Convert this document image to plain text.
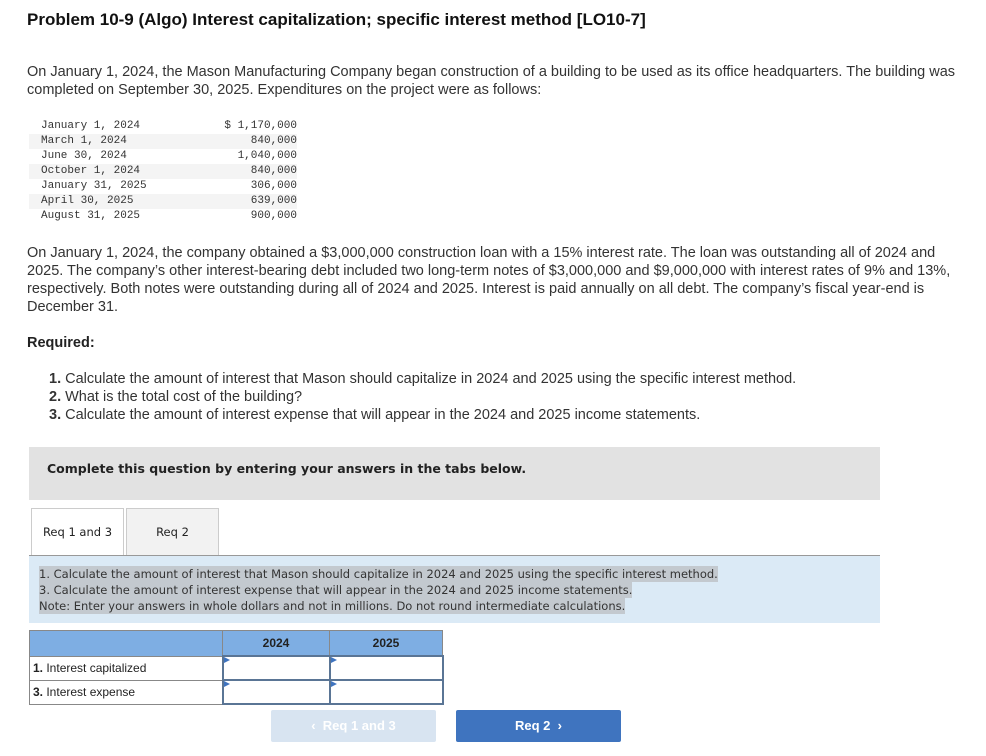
Problem 10-9 (Algo) Interest capitalization; specific interest method [LO10-7]
On January 1, 2024, the Mason Manufacturing Company began construction of a building to be used as its office headquarters. The building was completed on September 30, 2025. Expenditures on the project were as follows:
January 1, 2024	$ 1,170,000
March 1, 2024	840,000
June 30, 2024	1,040,000
October 1, 2024	840,000
January 31, 2025	306,000
April 30, 2025	639,000
August 31, 2025	900,000
On January 1, 2024, the company obtained a $3,000,000 construction loan with a 15% interest rate. The loan was outstanding all of 2024 and 2025. The company’s other interest-bearing debt included two long-term notes of $3,000,000 and $9,000,000 with interest rates of 9% and 13%, respectively. Both notes were outstanding during all of 2024 and 2025. Interest is paid annually on all debt. The company’s fiscal year-end is December 31.
Required:
1. Calculate the amount of interest that Mason should capitalize in 2024 and 2025 using the specific interest method.
2. What is the total cost of the building?
3. Calculate the amount of interest expense that will appear in the 2024 and 2025 income statements.
Complete this question by entering your answers in the tabs below.
Req 1 and 3	Req 2
1. Calculate the amount of interest that Mason should capitalize in 2024 and 2025 using the specific interest method.
3. Calculate the amount of interest expense that will appear in the 2024 and 2025 income statements.
Note: Enter your answers in whole dollars and not in millions. Do not round intermediate calculations.
	2024	2025
1. Interest capitalized		
3. Interest expense		
‹  Req 1 and 3	Req 2  ›
